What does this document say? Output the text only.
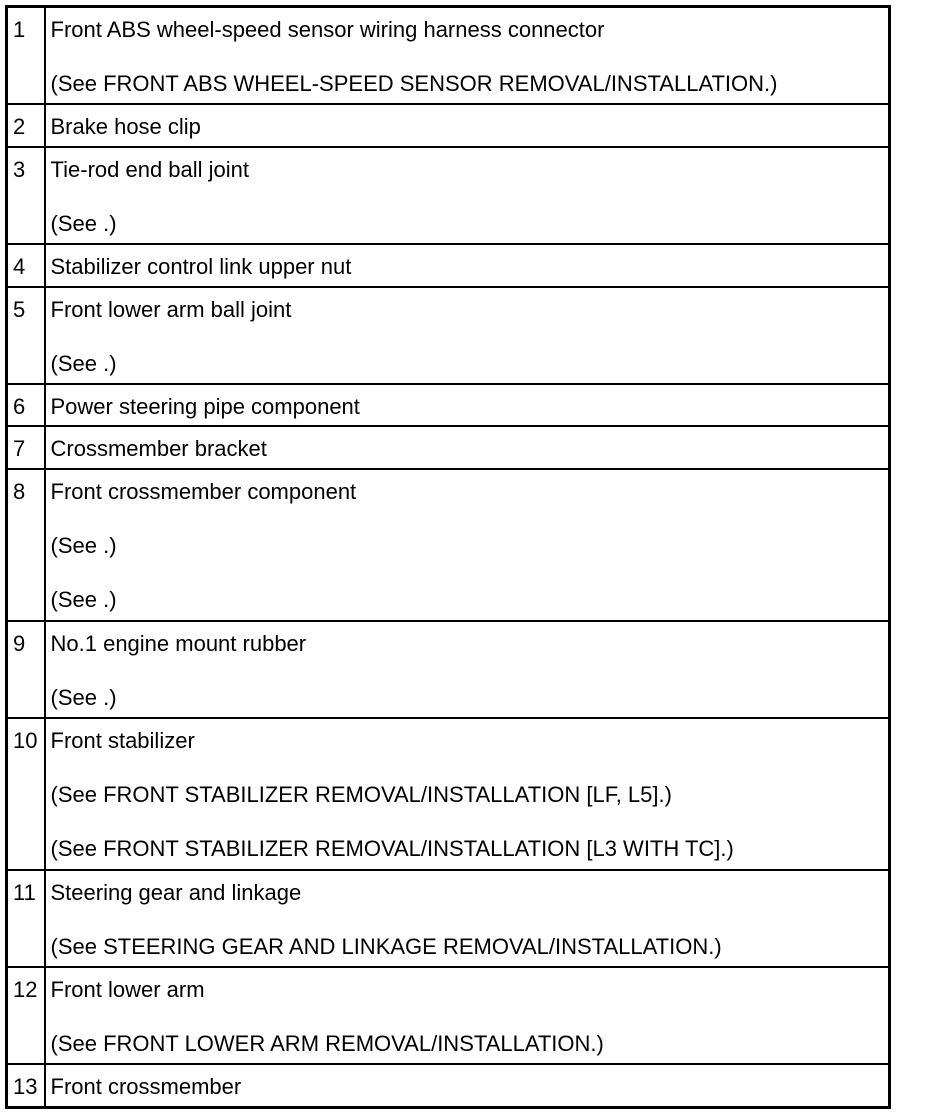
1	Front ABS wheel-speed sensor wiring harness connector
(See FRONT ABS WHEEL-SPEED SENSOR REMOVAL/INSTALLATION.)

2	Brake hose clip

3	Tie-rod end ball joint
(See .)

4	Stabilizer control link upper nut

5	Front lower arm ball joint
(See .)

6	Power steering pipe component

7	Crossmember bracket

8	Front crossmember component
(See .)
(See .)

9	No.1 engine mount rubber
(See .)

10	Front stabilizer
(See FRONT STABILIZER REMOVAL/INSTALLATION [LF, L5].)
(See FRONT STABILIZER REMOVAL/INSTALLATION [L3 WITH TC].)

11	Steering gear and linkage
(See STEERING GEAR AND LINKAGE REMOVAL/INSTALLATION.)

12	Front lower arm
(See FRONT LOWER ARM REMOVAL/INSTALLATION.)

13	Front crossmember
